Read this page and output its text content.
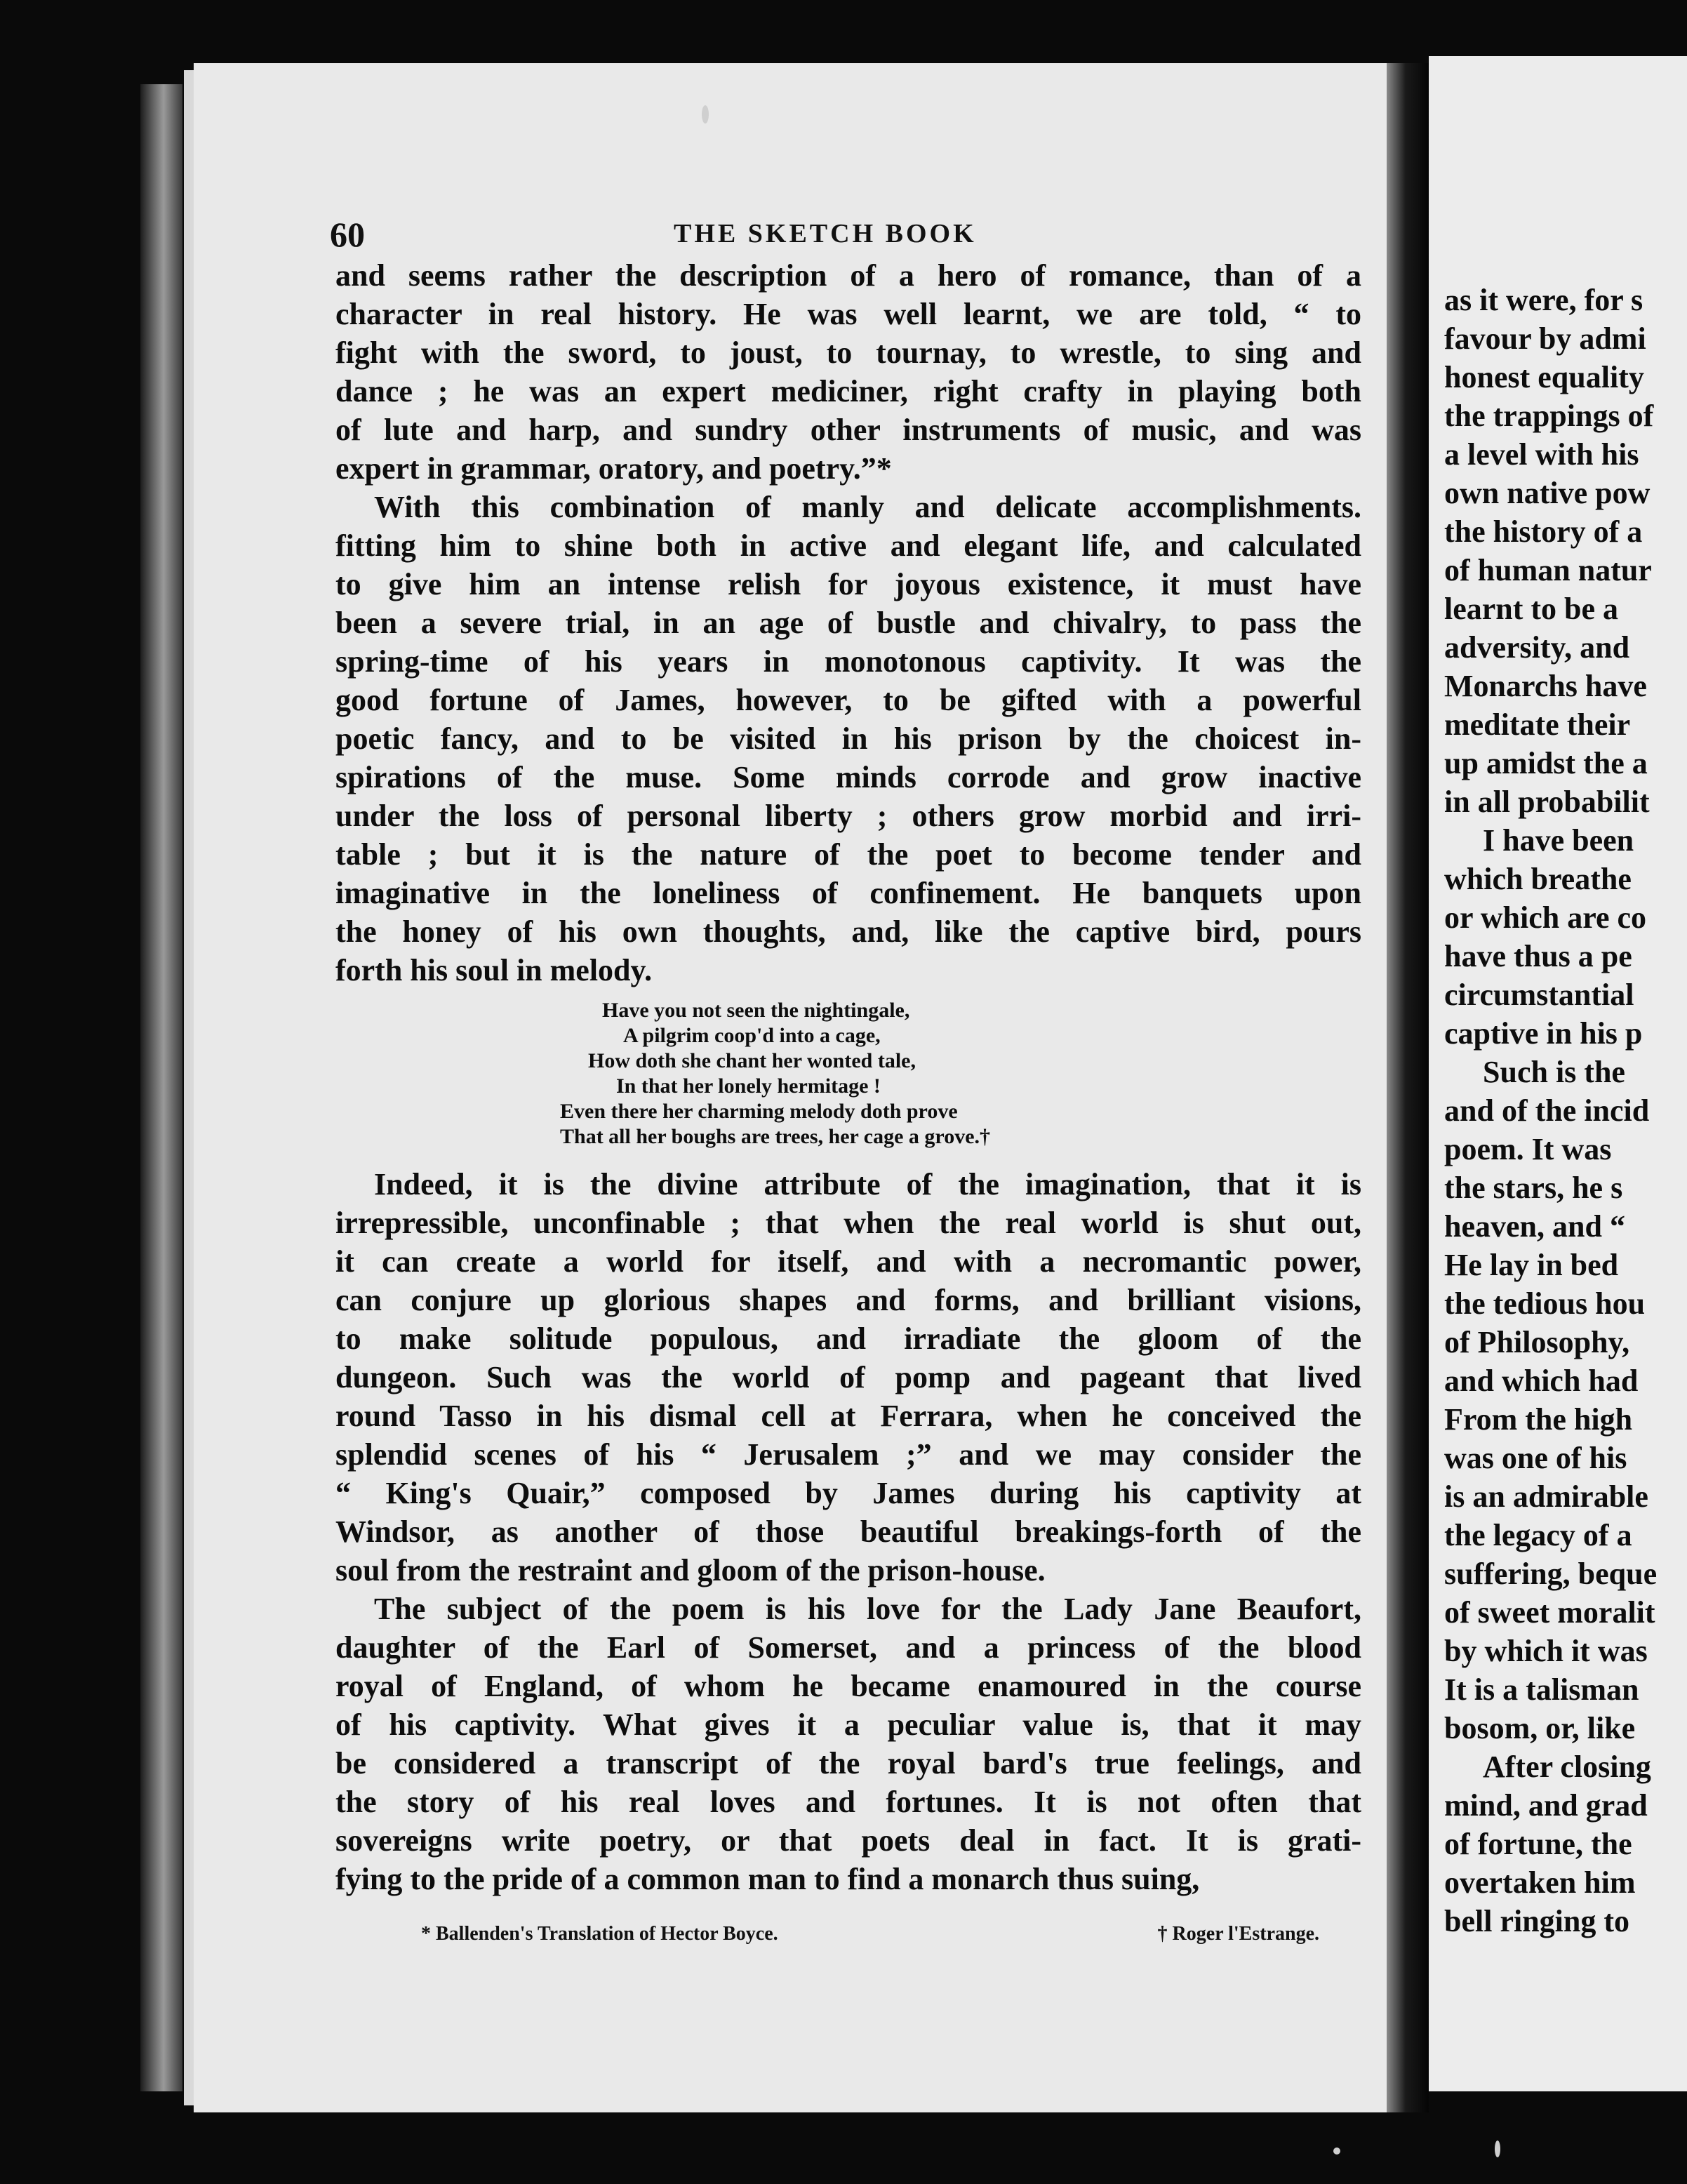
as it were, for s
favour by admi
honest equality
the trappings of
a level with his
own native pow
the history of a
of human natur
learnt to be a
adversity, and
Monarchs have
meditate their
up amidst the a
in all probabilit
I have been
which breathe
or which are co
have thus a pe
circumstantial
captive in his p
Such is the
and of the incid
poem. It was
the stars, he s
heaven, and “
He lay in bed
the tedious hou
of Philosophy,
and which had
From the high
was one of his
is an admirable
the legacy of a
suffering, beque
of sweet moralit
by which it was
It is a talisman
bosom, or, like
After closing
mind, and grad
of fortune, the
overtaken him
bell ringing to
60	THE SKETCH BOOK
and seems rather the description of a hero of romance, than of a
character in real history. He was well learnt, we are told, “ to
fight with the sword, to joust, to tournay, to wrestle, to sing and
dance ; he was an expert mediciner, right crafty in playing both
of lute and harp, and sundry other instruments of music, and was
expert in grammar, oratory, and poetry.”*
With this combination of manly and delicate accomplishments.
fitting him to shine both in active and elegant life, and calculated
to give him an intense relish for joyous existence, it must have
been a severe trial, in an age of bustle and chivalry, to pass the
spring-time of his years in monotonous captivity. It was the
good fortune of James, however, to be gifted with a powerful
poetic fancy, and to be visited in his prison by the choicest in-
spirations of the muse. Some minds corrode and grow inactive
under the loss of personal liberty ; others grow morbid and irri-
table ; but it is the nature of the poet to become tender and
imaginative in the loneliness of confinement. He banquets upon
the honey of his own thoughts, and, like the captive bird, pours
forth his soul in melody.
Have you not seen the nightingale,
A pilgrim coop'd into a cage,
How doth she chant her wonted tale,
In that her lonely hermitage !
Even there her charming melody doth prove
That all her boughs are trees, her cage a grove.†
Indeed, it is the divine attribute of the imagination, that it is
irrepressible, unconfinable ; that when the real world is shut out,
it can create a world for itself, and with a necromantic power,
can conjure up glorious shapes and forms, and brilliant visions,
to make solitude populous, and irradiate the gloom of the
dungeon. Such was the world of pomp and pageant that lived
round Tasso in his dismal cell at Ferrara, when he conceived the
splendid scenes of his “ Jerusalem ;” and we may consider the
“ King's Quair,” composed by James during his captivity at
Windsor, as another of those beautiful breakings-forth of the
soul from the restraint and gloom of the prison-house.
The subject of the poem is his love for the Lady Jane Beaufort,
daughter of the Earl of Somerset, and a princess of the blood
royal of England, of whom he became enamoured in the course
of his captivity. What gives it a peculiar value is, that it may
be considered a transcript of the royal bard's true feelings, and
the story of his real loves and fortunes. It is not often that
sovereigns write poetry, or that poets deal in fact. It is grati-
fying to the pride of a common man to find a monarch thus suing,
* Ballenden's Translation of Hector Boyce.	† Roger l'Estrange.
